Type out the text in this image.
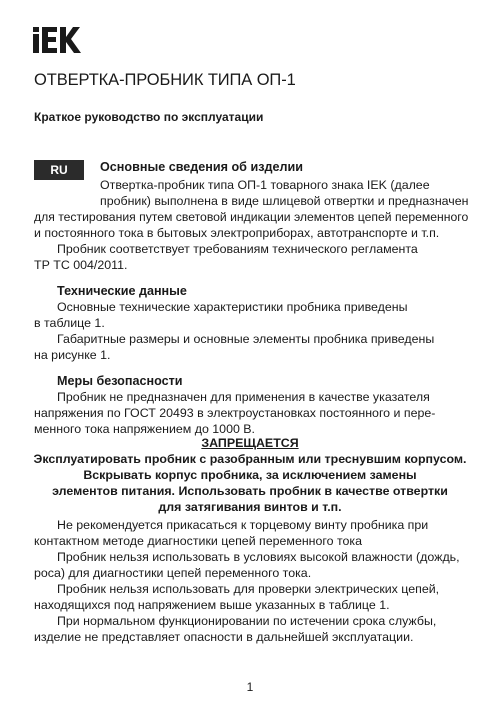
ОТВЕРТКА-ПРОБНИК ТИПА ОП-1
Краткое руководство по эксплуатации
RU	Основные сведения об изделии
Отвертка-пробник типа ОП-1 товарного знака IEK (далее
пробник) выполнена в виде шлицевой отвертки и предназначен
для тестирования путем световой индикации элементов цепей переменного
и постоянного тока в бытовых электроприборах, автотранспорте и т.п.
Пробник соответствует требованиям технического регламента
ТР ТС 004/2011.
Технические данные
Основные технические характеристики пробника приведены
в таблице 1.
Габаритные размеры и основные элементы пробника приведены
на рисунке 1.
Меры безопасности
Пробник не предназначен для применения в качестве указателя
напряжения по ГОСТ 20493 в электроустановках постоянного и пере-
менного тока напряжением до 1000 В.
ЗАПРЕЩАЕТСЯ
Эксплуатировать пробник с разобранным или треснувшим корпусом.
Вскрывать корпус пробника, за исключением замены
элементов питания. Использовать пробник в качестве отвертки
для затягивания винтов и т.п.
Не рекомендуется прикасаться к торцевому винту пробника при
контактном методе диагностики цепей переменного тока
Пробник нельзя использовать в условиях высокой влажности (дождь,
роса) для диагностики цепей переменного тока.
Пробник нельзя использовать для проверки электрических цепей,
находящихся под напряжением выше указанных в таблице 1.
При нормальном функционировании по истечении срока службы,
изделие не представляет опасности в дальнейшей эксплуатации.
1
